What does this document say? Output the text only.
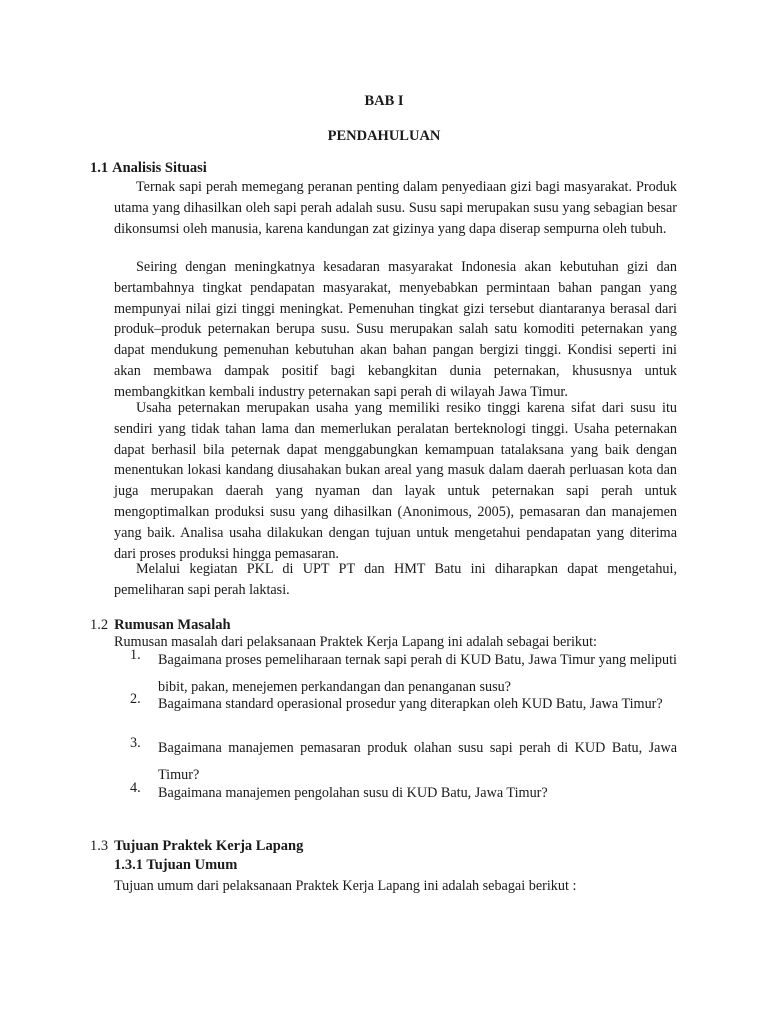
BAB I
PENDAHULUAN
1.1 Analisis Situasi
Ternak sapi perah memegang peranan penting dalam penyediaan gizi bagi masyarakat. Produk utama yang dihasilkan oleh sapi perah adalah susu. Susu sapi merupakan susu yang sebagian besar dikonsumsi oleh manusia, karena kandungan zat gizinya yang dapa diserap sempurna oleh tubuh.
Seiring dengan meningkatnya kesadaran masyarakat Indonesia akan kebutuhan gizi dan bertambahnya tingkat pendapatan masyarakat, menyebabkan permintaan bahan pangan yang mempunyai nilai gizi tinggi meningkat. Pemenuhan tingkat gizi tersebut diantaranya berasal dari produk–produk peternakan berupa susu. Susu merupakan salah satu komoditi peternakan yang dapat mendukung pemenuhan kebutuhan akan bahan pangan bergizi tinggi. Kondisi seperti ini akan membawa dampak positif bagi kebangkitan dunia peternakan, khususnya untuk membangkitkan kembali industry peternakan sapi perah di wilayah Jawa Timur.
Usaha peternakan merupakan usaha yang memiliki resiko tinggi karena sifat dari susu itu sendiri yang tidak tahan lama dan memerlukan peralatan berteknologi tinggi. Usaha peternakan dapat berhasil bila peternak dapat menggabungkan kemampuan tatalaksana yang baik dengan menentukan lokasi kandang diusahakan bukan areal yang masuk dalam daerah perluasan kota dan juga merupakan daerah yang nyaman dan layak untuk peternakan sapi perah untuk mengoptimalkan produksi susu yang dihasilkan (Anonimous, 2005), pemasaran dan manajemen yang baik. Analisa usaha dilakukan dengan tujuan untuk mengetahui pendapatan yang diterima dari proses produksi hingga pemasaran.
Melalui kegiatan PKL di UPT PT dan HMT Batu ini diharapkan dapat mengetahui, pemeliharan sapi perah laktasi.
1.2 Rumusan Masalah
Rumusan masalah dari pelaksanaan Praktek Kerja Lapang ini adalah sebagai berikut:
1.	Bagaimana proses pemeliharaan ternak sapi perah di KUD Batu, Jawa Timur yang meliputi bibit, pakan, menejemen perkandangan dan penanganan susu?
2.	Bagaimana standard operasional prosedur yang diterapkan oleh KUD Batu, Jawa Timur?
3.	Bagaimana manajemen pemasaran produk olahan susu sapi perah di KUD Batu, Jawa Timur?
4.	Bagaimana manajemen pengolahan susu di KUD Batu, Jawa Timur?
1.3 Tujuan Praktek Kerja Lapang
1.3.1 Tujuan Umum
Tujuan umum dari pelaksanaan Praktek Kerja Lapang ini adalah sebagai berikut :
